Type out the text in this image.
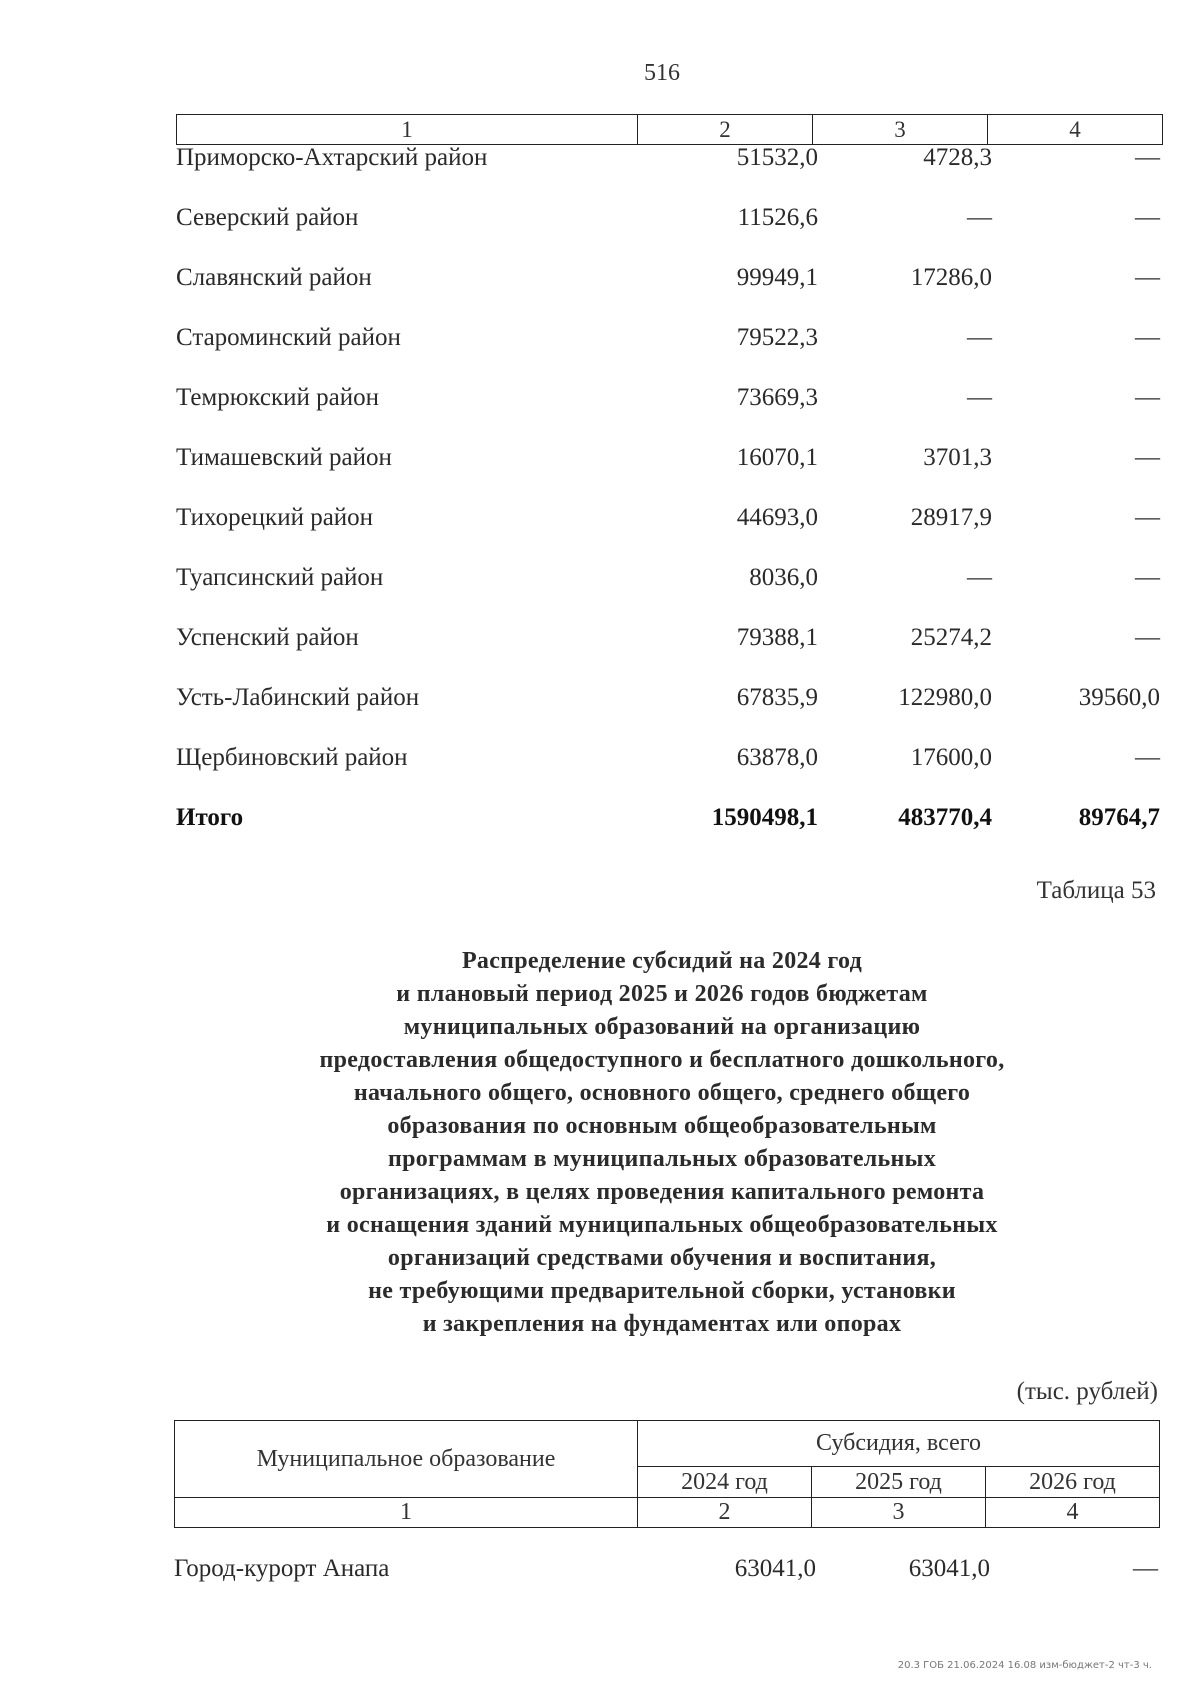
516
1	2	3	4
Приморско-Ахтарский район	51532,0	4728,3	—
Северский район	11526,6	—	—
Славянский район	99949,1	17286,0	—
Староминский район	79522,3	—	—
Темрюкский район	73669,3	—	—
Тимашевский район	16070,1	3701,3	—
Тихорецкий район	44693,0	28917,9	—
Туапсинский район	8036,0	—	—
Успенский район	79388,1	25274,2	—
Усть-Лабинский район	67835,9	122980,0	39560,0
Щербиновский район	63878,0	17600,0	—
Итого	1590498,1	483770,4	89764,7
Таблица 53
Распределение субсидий на 2024 год
и плановый период 2025 и 2026 годов бюджетам
муниципальных образований на организацию
предоставления общедоступного и бесплатного дошкольного,
начального общего, основного общего, среднего общего
образования по основным общеобразовательным
программам в муниципальных образовательных
организациях, в целях проведения капитального ремонта
и оснащения зданий муниципальных общеобразовательных
организаций средствами обучения и воспитания,
не требующими предварительной сборки, установки
и закрепления на фундаментах или опорах
(тыс. рублей)
Муниципальное образование	Субсидия, всего		
	2024 год	2025 год	2026 год
1	2	3	4
Город-курорт Анапа	63041,0	63041,0	—
20.3 ГОБ 21.06.2024 16.08 изм-бюджет-2 чт-3 ч.
